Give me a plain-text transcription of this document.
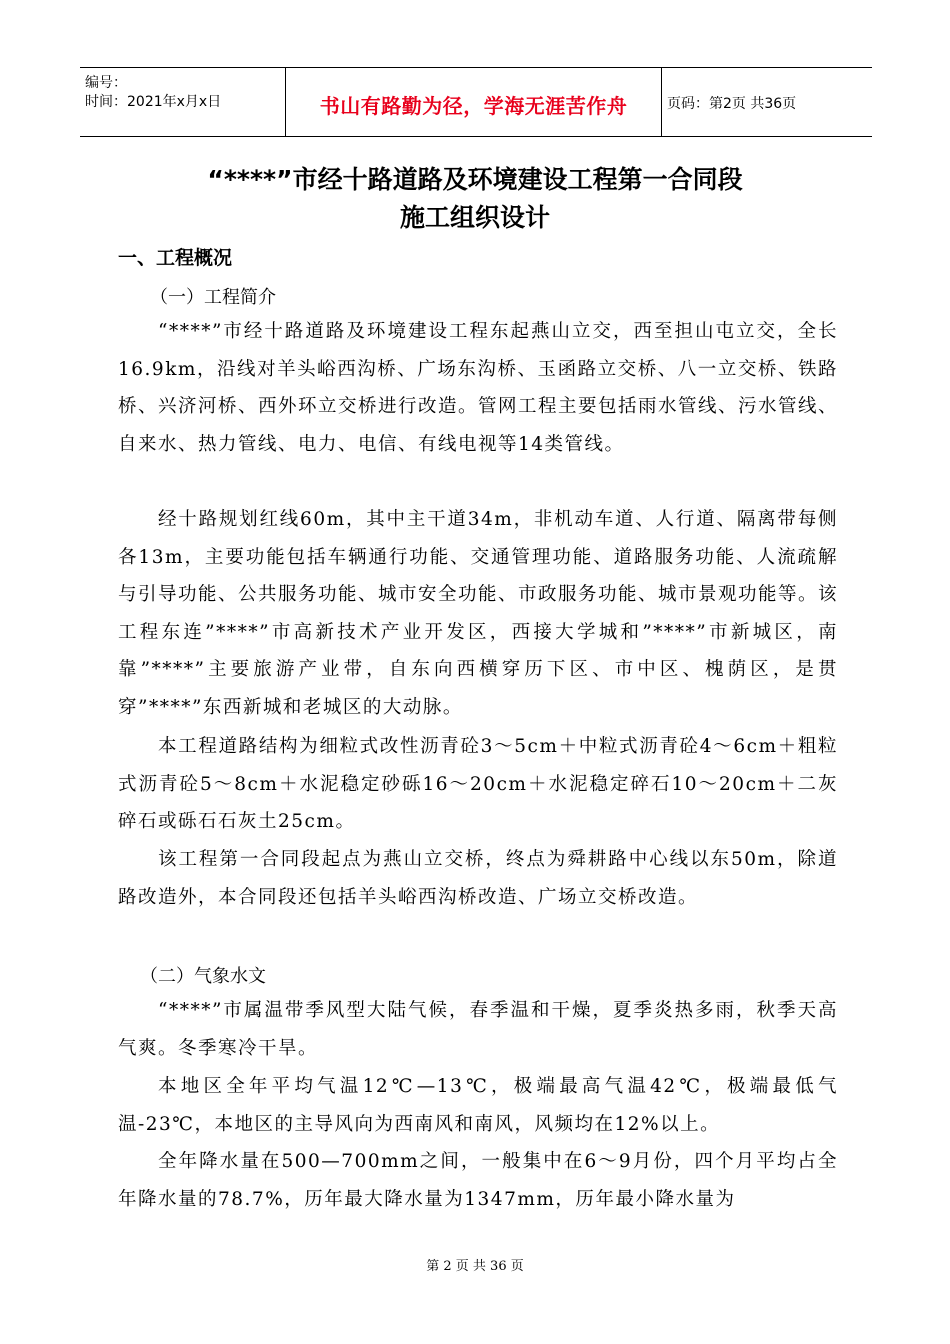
编号：
时间：2021年x月x日	书山有路勤为径，学海无涯苦作舟	页码：第2页 共36页
“****”市经十路道路及环境建设工程第一合同段
施工组织设计
一、工程概况
（一）工程简介
“****”市经十路道路及环境建设工程东起燕山立交，西至担山屯立交，全长16.9km，沿线对羊头峪西沟桥、广场东沟桥、玉函路立交桥、八一立交桥、铁路桥、兴济河桥、西外环立交桥进行改造。管网工程主要包括雨水管线、污水管线、自来水、热力管线、电力、电信、有线电视等14类管线。
经十路规划红线60m，其中主干道34m，非机动车道、人行道、隔离带每侧各13m，主要功能包括车辆通行功能、交通管理功能、道路服务功能、人流疏解与引导功能、公共服务功能、城市安全功能、市政服务功能、城市景观功能等。该工程东连”****”市高新技术产业开发区，西接大学城和”****”市新城区，南靠”****”主要旅游产业带，自东向西横穿历下区、市中区、槐荫区，是贯穿”****”东西新城和老城区的大动脉。
本工程道路结构为细粒式改性沥青砼3～5cm＋中粒式沥青砼4～6cm＋粗粒式沥青砼5～8cm＋水泥稳定砂砾16～20cm＋水泥稳定碎石10～20cm＋二灰碎石或砾石石灰土25cm。
该工程第一合同段起点为燕山立交桥，终点为舜耕路中心线以东50m，除道路改造外，本合同段还包括羊头峪西沟桥改造、广场立交桥改造。
（二）气象水文
“****”市属温带季风型大陆气候，春季温和干燥，夏季炎热多雨，秋季天高气爽。冬季寒冷干旱。
本地区全年平均气温12℃—13℃，极端最高气温42℃，极端最低气温-23℃，本地区的主导风向为西南风和南风，风频均在12%以上。
全年降水量在500—700mm之间，一般集中在6～9月份，四个月平均占全年降水量的78.7%，历年最大降水量为1347mm，历年最小降水量为
第 2 页 共 36 页
